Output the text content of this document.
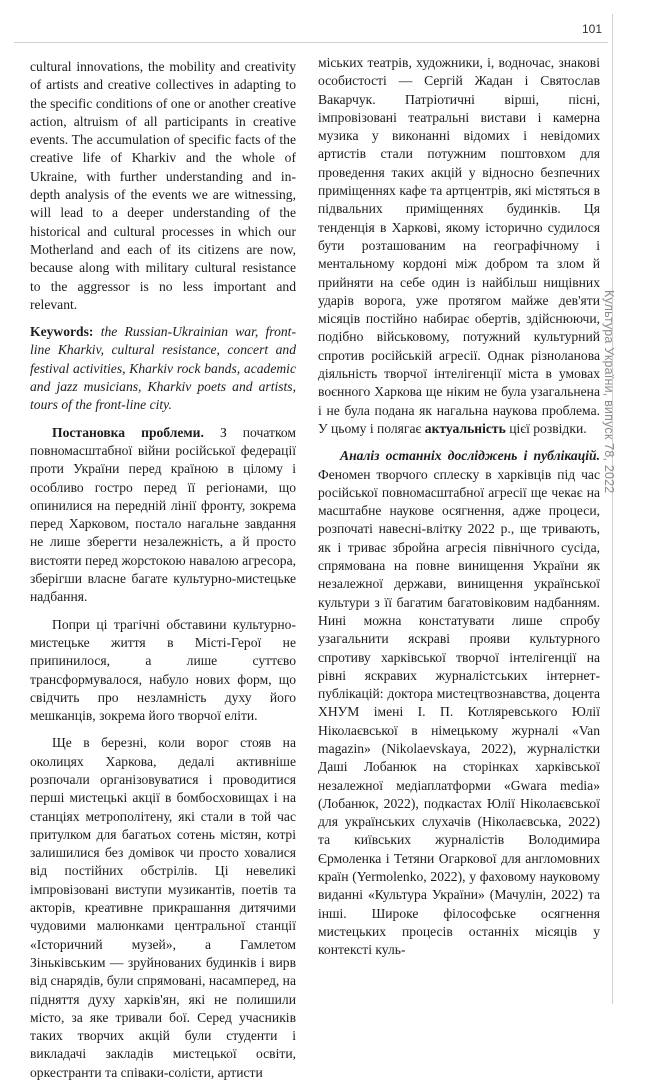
101
Культура України, випуск 78, 2022

cultural innovations, the mobility and creativity of artists and creative collectives in adapting to the specific conditions of one or another creative action, altruism of all participants in creative events. The accumulation of specific facts of the creative life of Kharkiv and the whole of Ukraine, with further understanding and in-depth analysis of the events we are witnessing, will lead to a deeper understanding of the historical and cultural processes in which our Motherland and each of its citizens are now, because along with military cultural resistance to the aggressor is no less important and relevant.

Keywords: the Russian-Ukrainian war, front-line Kharkiv, cultural resistance, concert and festival activities, Kharkiv rock bands, academic and jazz musicians, Kharkiv poets and artists, tours of the front-line city.

Постановка проблеми. З початком повномасштабної війни російської федерації проти України перед країною в цілому і особливо гостро перед її регіонами, що опинилися на передній лінії фронту, зокрема перед Харковом, постало нагальне завдання не лише зберегти незалежність, а й просто вистояти перед жорстокою навалою агресора, зберігши власне багате культурно-мистецьке надбання.

Попри ці трагічні обставини культурно-мистецьке життя в Місті-Герої не припинилося, а лише суттєво трансформувалося, набуло нових форм, що свідчить про незламність духу його мешканців, зокрема його творчої еліти.

Ще в березні, коли ворог стояв на околицях Харкова, дедалі активніше розпочали організовуватися і проводитися перші мистецькі акції в бомбосховищах і на станціях метрополітену, які стали в той час притулком для багатьох сотень містян, котрі залишилися без домівок чи просто ховалися від постійних обстрілів. Ці невеликі імпровізовані виступи музикантів, поетів та акторів, креативне прикрашання дитячими чудовими малюнками центральної станції «Історичний музей», а Гамлетом Зіньківським — зруйнованих будинків і вирв від снарядів, були спрямовані, насамперед, на підняття духу харків'ян, які не полишили місто, за яке тривали бої. Серед учасників таких творчих акцій були студенти і викладачі закладів мистецької освіти, оркестранти та співаки-солісти, артисти

міських театрів, художники, і, водночас, знакові особистості — Сергій Жадан і Святослав Вакарчук. Патріотичні вірші, пісні, імпровізовані театральні вистави і камерна музика у виконанні відомих і невідомих артистів стали потужним поштовхом для проведення таких акцій у відносно безпечних приміщеннях кафе та артцентрів, які містяться в підвальних приміщеннях будинків. Ця тенденція в Харкові, якому історично судилося бути розташованим на географічному і ментальному кордоні між добром та злом й прийняти на себе один із найбільш нищівних ударів ворога, уже протягом майже дев'яти місяців постійно набирає обертів, здійснюючи, подібно військовому, потужний культурний спротив російській агресії. Однак різноланова діяльність творчої інтелігенції міста в умовах воєнного Харкова ще ніким не була узагальнена і не була подана як нагальна наукова проблема. У цьому і полягає актуальність цієї розвідки.

Аналіз останніх досліджень і публікацій. Феномен творчого сплеску в харківців під час російської повномасштабної агресії ще чекає на масштабне наукове осягнення, адже процеси, розпочаті навесні-влітку 2022 р., ще тривають, як і триває збройна агресія північного сусіда, спрямована на повне винищення України як незалежної держави, винищення української культури з її багатим багатовіковим надбанням. Нині можна констатувати лише спробу узагальнити яскраві прояви культурного спротиву харківської творчої інтелігенції на рівні яскравих журналістських інтернет-публікацій: доктора мистецтвознавства, доцента ХНУМ імені І. П. Котляревського Юлії Ніколаєвської в німецькому журналі «Van magazin» (Nikolaevskaya, 2022), журналістки Даші Лобанюк на сторінках харківської незалежної медіаплатформи «Gwara media» (Лобанюк, 2022), подкастах Юлії Ніколаєвської для українських слухачів (Ніколаєвська, 2022) та київських журналістів Володимира Єрмоленка і Тетяни Огаркової для англомовних країн (Yermolenko, 2022), у фаховому науковому виданні «Культура України» (Мачулін, 2022) та інші. Широке філософське осягнення мистецьких процесів останніх місяців у контексті куль-
